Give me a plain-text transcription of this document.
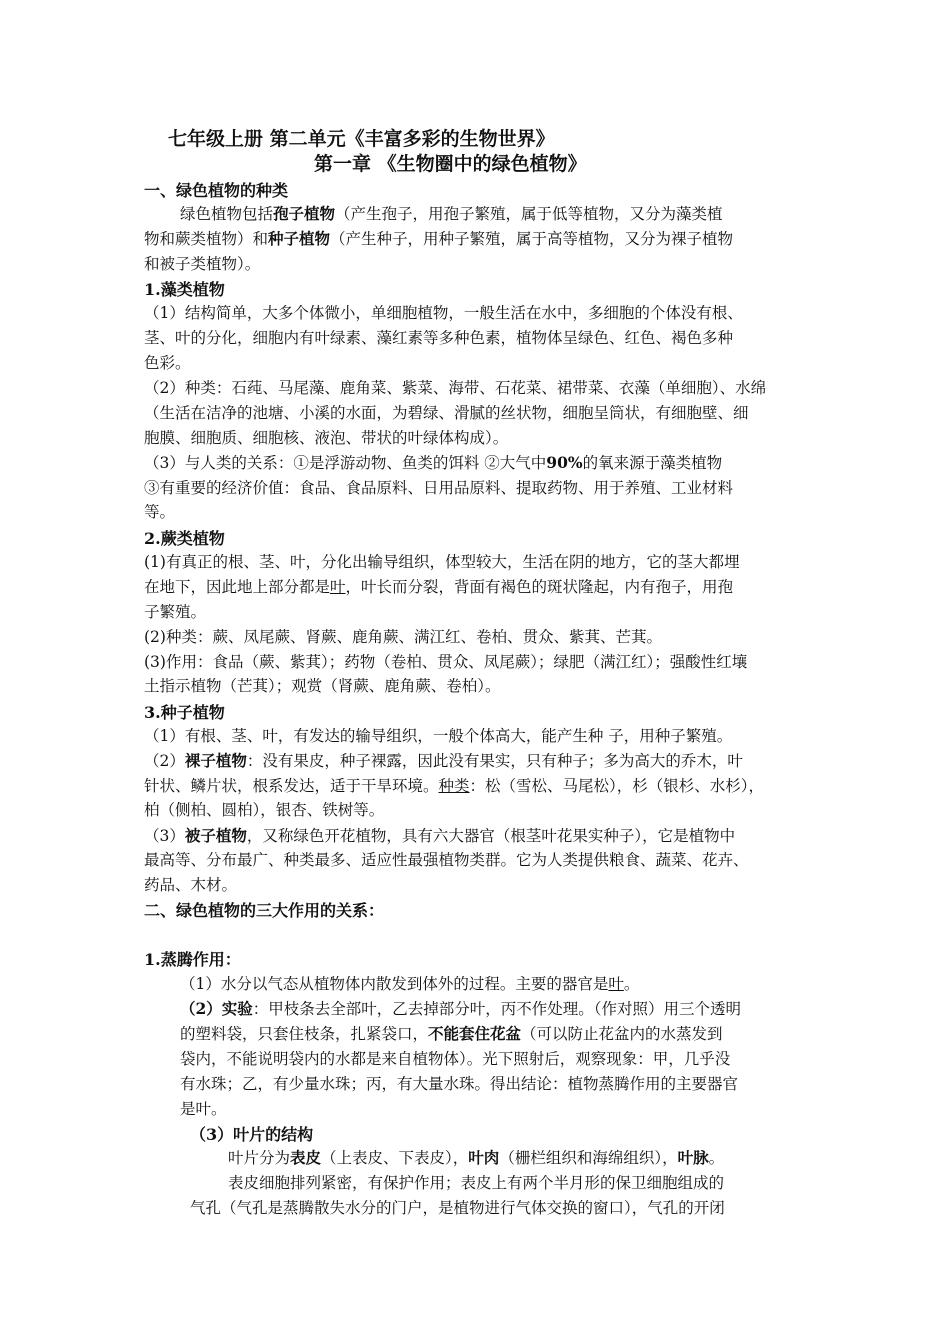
七年级上册 第二单元《丰富多彩的生物世界》
第一章 《生物圈中的绿色植物》
一、绿色植物的种类
绿色植物包括孢子植物（产生孢子，用孢子繁殖，属于低等植物，又分为藻类植
物和蕨类植物）和种子植物（产生种子，用种子繁殖，属于高等植物，又分为裸子植物
和被子类植物）。
1.藻类植物
（1）结构简单，大多个体微小，单细胞植物，一般生活在水中，多细胞的个体没有根、
茎、叶的分化，细胞内有叶绿素、藻红素等多种色素，植物体呈绿色、红色、褐色多种
色彩。
（2）种类：石莼、马尾藻、鹿角菜、紫菜、海带、石花菜、裙带菜、衣藻（单细胞）、水绵
（生活在洁净的池塘、小溪的水面，为碧绿、滑腻的丝状物，细胞呈筒状，有细胞壁、细
胞膜、细胞质、细胞核、液泡、带状的叶绿体构成）。
（3）与人类的关系：①是浮游动物、鱼类的饵料 ②大气中90%的氧来源于藻类植物
③有重要的经济价值：食品、食品原料、日用品原料、提取药物、用于养殖、工业材料
等。
2.蕨类植物
(1)有真正的根、茎、叶，分化出输导组织，体型较大，生活在阴的地方，它的茎大都埋
在地下，因此地上部分都是叶，叶长而分裂，背面有褐色的斑状隆起，内有孢子，用孢
子繁殖。
(2)种类：蕨、凤尾蕨、肾蕨、鹿角蕨、满江红、卷柏、贯众、紫萁、芒萁。
(3)作用：食品（蕨、紫萁）；药物（卷柏、贯众、凤尾蕨）；绿肥（满江红）；强酸性红壤
土指示植物（芒萁）；观赏（肾蕨、鹿角蕨、卷柏）。
3.种子植物
（1）有根、茎、叶，有发达的输导组织，一般个体高大，能产生种 子，用种子繁殖。
（2）裸子植物：没有果皮，种子裸露，因此没有果实，只有种子；多为高大的乔木，叶
针状、鳞片状，根系发达，适于干旱环境。种类：松（雪松、马尾松），杉（银杉、水杉），
柏（侧柏、圆柏），银杏、铁树等。
（3）被子植物，又称绿色开花植物，具有六大器官（根茎叶花果实种子），它是植物中
最高等、分布最广、种类最多、适应性最强植物类群。它为人类提供粮食、蔬菜、花卉、
药品、木材。
二、绿色植物的三大作用的关系：
1.蒸腾作用：
（1）水分以气态从植物体内散发到体外的过程。主要的器官是叶。
（2）实验：甲枝条去全部叶，乙去掉部分叶，丙不作处理。（作对照）用三个透明
的塑料袋，只套住枝条，扎紧袋口，不能套住花盆（可以防止花盆内的水蒸发到
袋内，不能说明袋内的水都是来自植物体）。光下照射后，观察现象：甲，几乎没
有水珠；乙，有少量水珠；丙，有大量水珠。得出结论：植物蒸腾作用的主要器官
是叶。
（3）叶片的结构
叶片分为表皮（上表皮、下表皮），叶肉（栅栏组织和海绵组织），叶脉。
表皮细胞排列紧密，有保护作用；表皮上有两个半月形的保卫细胞组成的
气孔（气孔是蒸腾散失水分的门户，是植物进行气体交换的窗口），气孔的开闭
